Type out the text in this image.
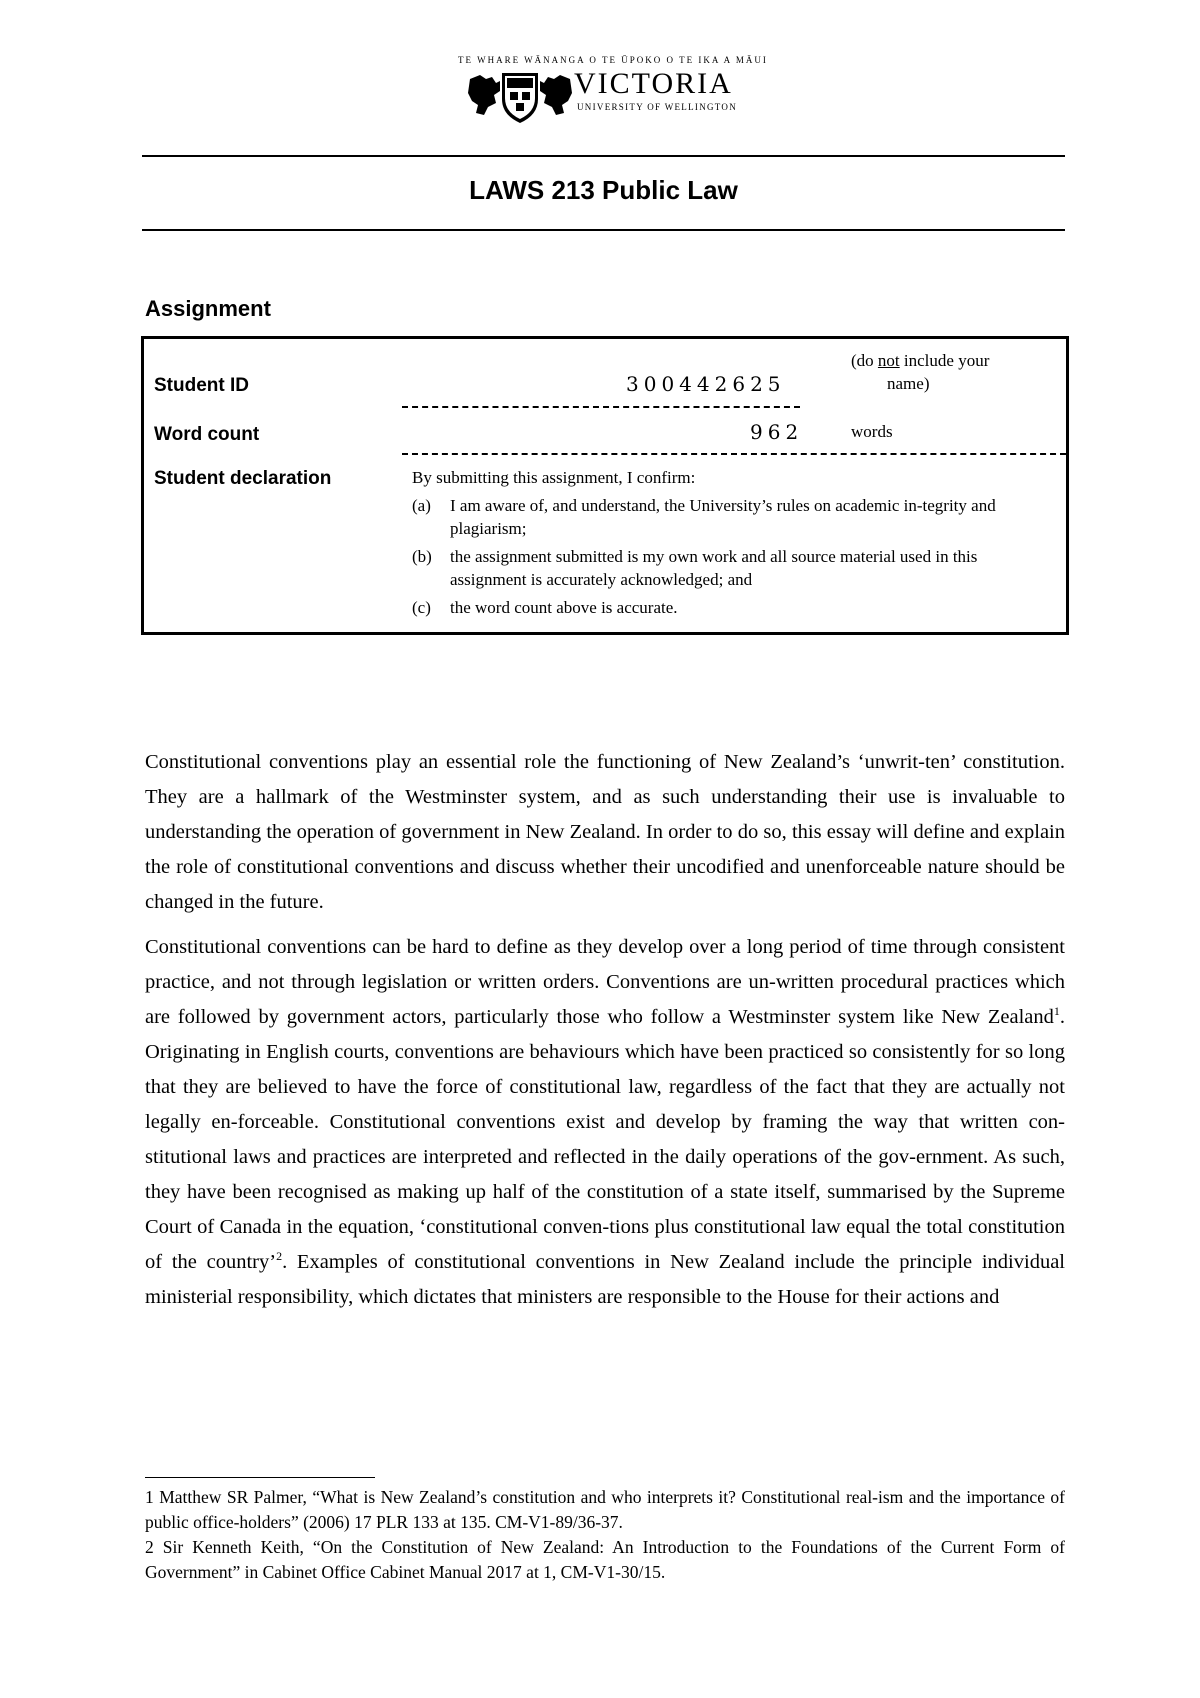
TE WHARE WĀNANGA O TE ŪPOKO O TE IKA A MĀUI
VICTORIA
UNIVERSITY OF WELLINGTON
LAWS 213 Public Law
Assignment
Student ID	300442625
(do not include your
name)
Word count	962	words
Student declaration	By submitting this assignment, I confirm:
(a) I am aware of, and understand, the University’s rules on academic in-tegrity and plagiarism;
(b) the assignment submitted is my own work and all source material used in this assignment is accurately acknowledged; and
(c) the word count above is accurate.

Constitutional conventions play an essential role the functioning of New Zealand’s ‘unwrit-ten’ constitution. They are a hallmark of the Westminster system, and as such understanding their use is invaluable to understanding the operation of government in New Zealand. In order to do so, this essay will define and explain the role of constitutional conventions and discuss whether their uncodified and unenforceable nature should be changed in the future.

Constitutional conventions can be hard to define as they develop over a long period of time through consistent practice, and not through legislation or written orders. Conventions are un-written procedural practices which are followed by government actors, particularly those who follow a Westminster system like New Zealand$^1$. Originating in English courts, conventions are behaviours which have been practiced so consistently for so long that they are believed to have the force of constitutional law, regardless of the fact that they are actually not legally en-forceable. Constitutional conventions exist and develop by framing the way that written con-stitutional laws and practices are interpreted and reflected in the daily operations of the gov-ernment. As such, they have been recognised as making up half of the constitution of a state itself, summarised by the Supreme Court of Canada in the equation, ‘constitutional conven-tions plus constitutional law equal the total constitution of the country’$^2$. Examples of constitutional conventions in New Zealand include the principle individual ministerial responsibility, which dictates that ministers are responsible to the House for their actions and

1 Matthew SR Palmer, “What is New Zealand’s constitution and who interprets it? Constitutional real-ism and the importance of public office-holders” (2006) 17 PLR 133 at 135. CM-V1-89/36-37.

2 Sir Kenneth Keith, “On the Constitution of New Zealand: An Introduction to the Foundations of the Current Form of Government” in Cabinet Office Cabinet Manual 2017 at 1, CM-V1-30/15.
